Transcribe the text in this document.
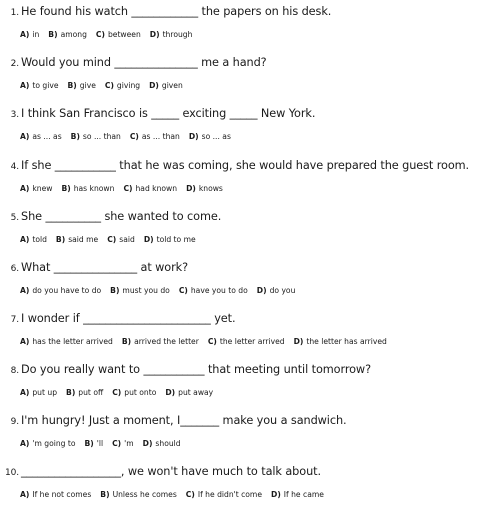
1. He found his watch ____________ the papers on his desk.
A) in B) among C) between D) through
2. Would you mind _______________ me a hand?
A) to give B) give C) giving D) given
3. I think San Francisco is _____ exciting _____ New York.
A) as ... as B) so ... than C) as ... than D) so ... as
4. If she ___________ that he was coming, she would have prepared the guest room.
A) knew B) has known C) had known D) knows
5. She __________ she wanted to come.
A) told B) said me C) said D) told to me
6. What _______________ at work?
A) do you have to do B) must you do C) have you to do D) do you
7. I wonder if _______________________ yet.
A) has the letter arrived B) arrived the letter C) the letter arrived D) the letter has arrived
8. Do you really want to ___________ that meeting until tomorrow?
A) put up B) put off C) put onto D) put away
9. I'm hungry! Just a moment, I_______ make you a sandwich.
A) 'm going to B) 'll C) 'm D) should
10. __________________, we won't have much to talk about.
A) If he not comes B) Unless he comes C) If he didn't come D) If he came
